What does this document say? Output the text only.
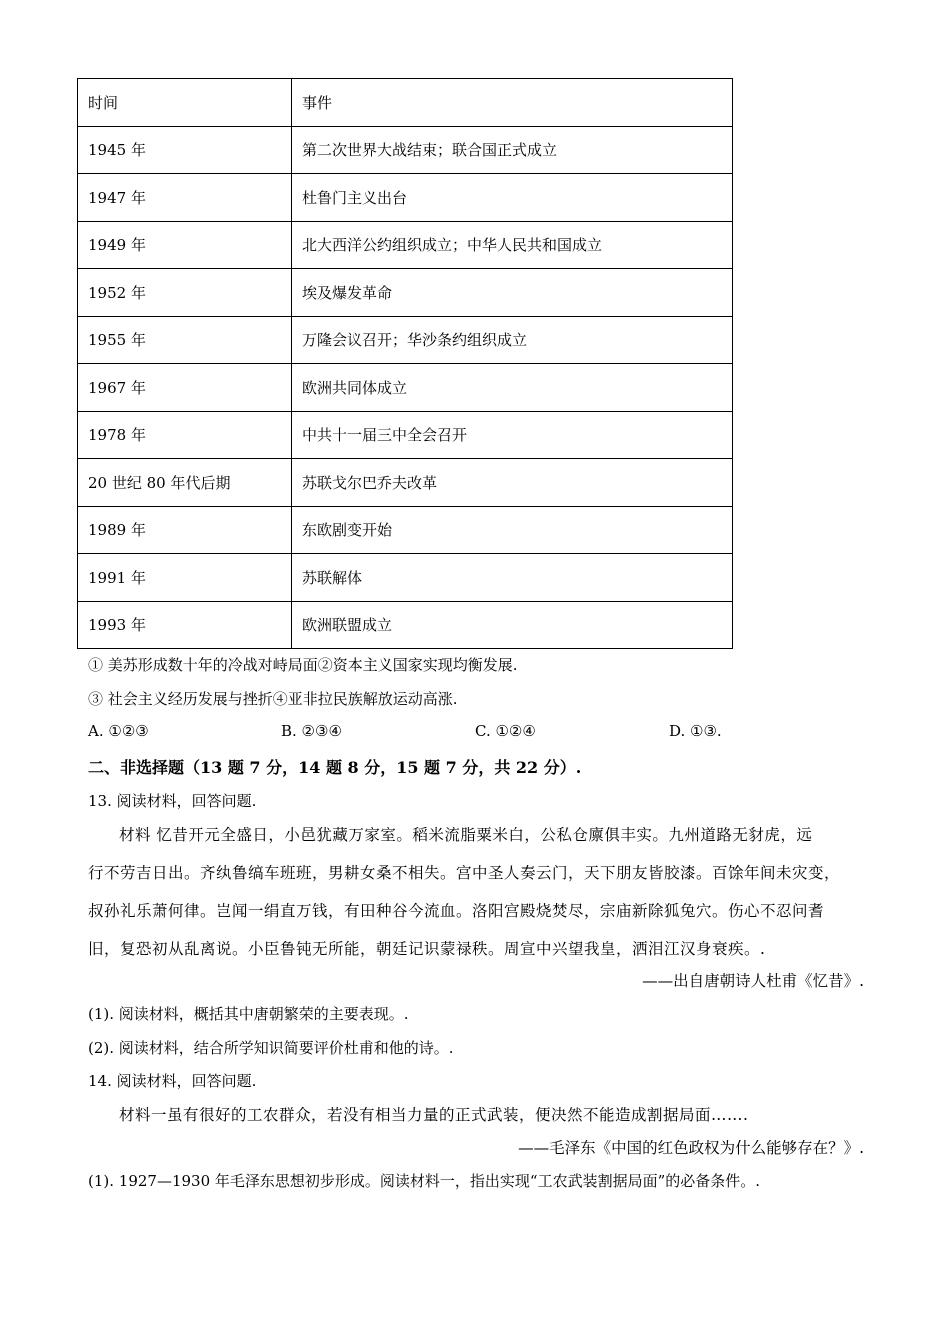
时间	事件
1945 年	第二次世界大战结束；联合国正式成立
1947 年	杜鲁门主义出台
1949 年	北大西洋公约组织成立；中华人民共和国成立
1952 年	埃及爆发革命
1955 年	万隆会议召开；华沙条约组织成立
1967 年	欧洲共同体成立
1978 年	中共十一届三中全会召开
20 世纪 80 年代后期	苏联戈尔巴乔夫改革
1989 年	东欧剧变开始
1991 年	苏联解体
1993 年	欧洲联盟成立
① 美苏形成数十年的冷战对峙局面②资本主义国家实现均衡发展.
③ 社会主义经历发展与挫折④亚非拉民族解放运动高涨.
A. ①②③	B. ②③④	C. ①②④	D. ①③.
二、非选择题（13 题 7 分，14 题 8 分，15 题 7 分，共 22 分）.
13. 阅读材料，回答问题.
材料 忆昔开元全盛日，小邑犹藏万家室。稻米流脂粟米白，公私仓廪俱丰实。九州道路无豺虎，远
行不劳吉日出。齐纨鲁缟车班班，男耕女桑不相失。宫中圣人奏云门，天下朋友皆胶漆。百馀年间未灾变，
叔孙礼乐萧何律。岂闻一绢直万钱，有田种谷今流血。洛阳宫殿烧焚尽，宗庙新除狐兔穴。伤心不忍问耆
旧，复恐初从乱离说。小臣鲁钝无所能，朝廷记识蒙禄秩。周宣中兴望我皇，洒泪江汉身衰疾。.
——出自唐朝诗人杜甫《忆昔》.
(1). 阅读材料，概括其中唐朝繁荣的主要表现。.
(2). 阅读材料，结合所学知识简要评价杜甫和他的诗。.
14. 阅读材料，回答问题.
材料一虽有很好的工农群众，若没有相当力量的正式武装，便决然不能造成割据局面…….
——毛泽东《中国的红色政权为什么能够存在？》.
(1). 1927—1930 年毛泽东思想初步形成。阅读材料一，指出实现“工农武装割据局面”的必备条件。.
